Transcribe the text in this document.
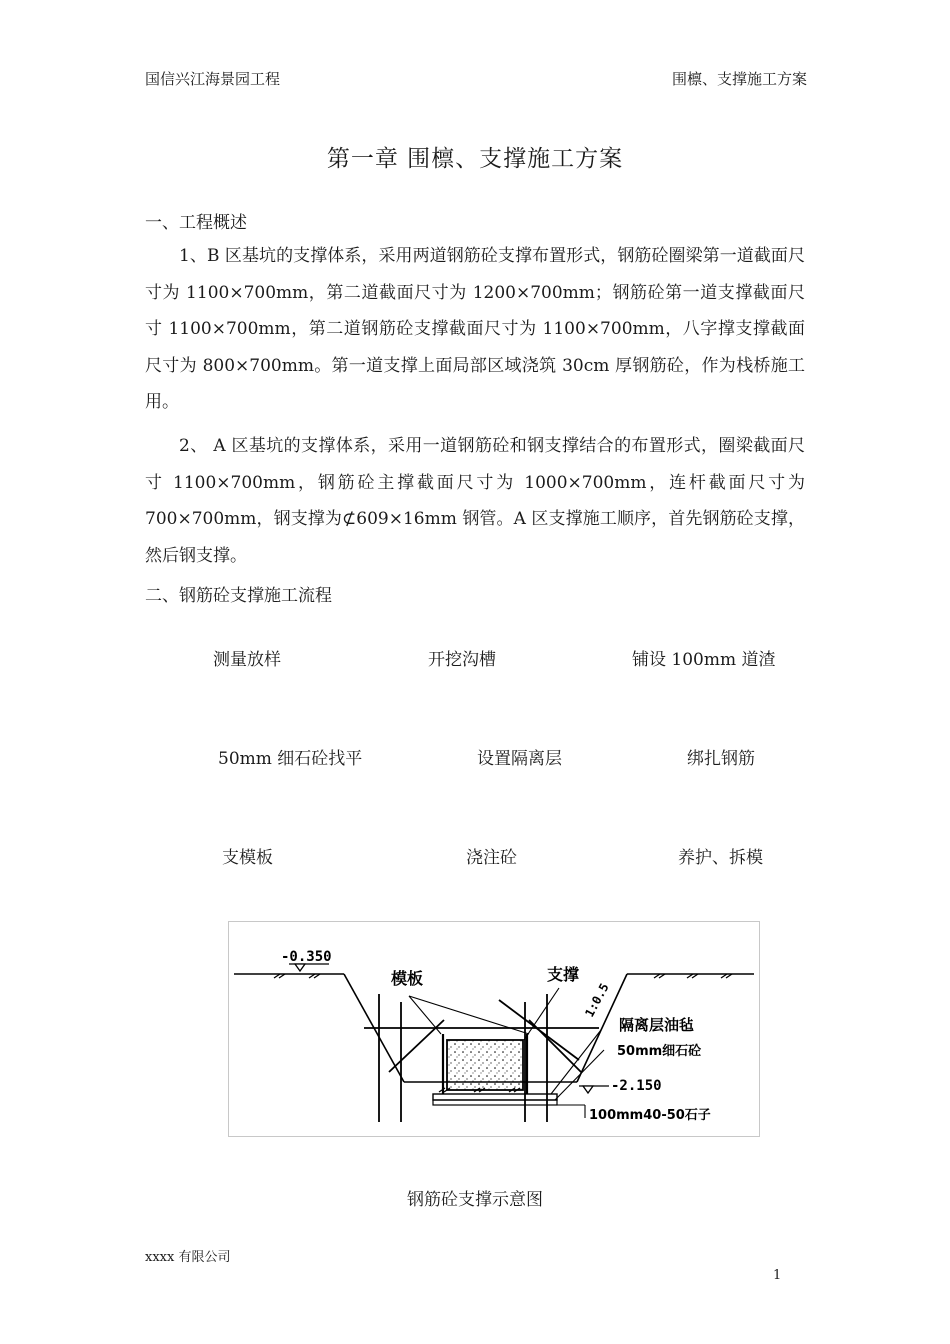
国信兴江海景园工程	围檩、支撑施工方案
第一章 围檩、支撑施工方案
一、工程概述
1、B 区基坑的支撑体系，采用两道钢筋砼支撑布置形式，钢筋砼圈梁第一道截面尺寸为 1100×700mm，第二道截面尺寸为 1200×700mm；钢筋砼第一道支撑截面尺寸 1100×700mm，第二道钢筋砼支撑截面尺寸为 1100×700mm，八字撑支撑截面尺寸为 800×700mm。第一道支撑上面局部区域浇筑 30cm 厚钢筋砼，作为栈桥施工用。
2、 A 区基坑的支撑体系，采用一道钢筋砼和钢支撑结合的布置形式，圈梁截面尺寸 1100×700mm，钢筋砼主撑截面尺寸为 1000×700mm，连杆截面尺寸为 700×700mm，钢支撑为⊄609×16mm 钢管。A 区支撑施工顺序，首先钢筋砼支撑，然后钢支撑。
二、钢筋砼支撑施工流程
测量放样	开挖沟槽	铺设 100mm 道渣
50mm 细石砼找平	设置隔离层	绑扎钢筋
支模板	浇注砼	养护、拆模
-0.350
模板	支撑
1:0.5
隔离层油毡
50mm细石砼
-2.150
100mm40-50石子
钢筋砼支撑示意图
xxxx 有限公司
1
